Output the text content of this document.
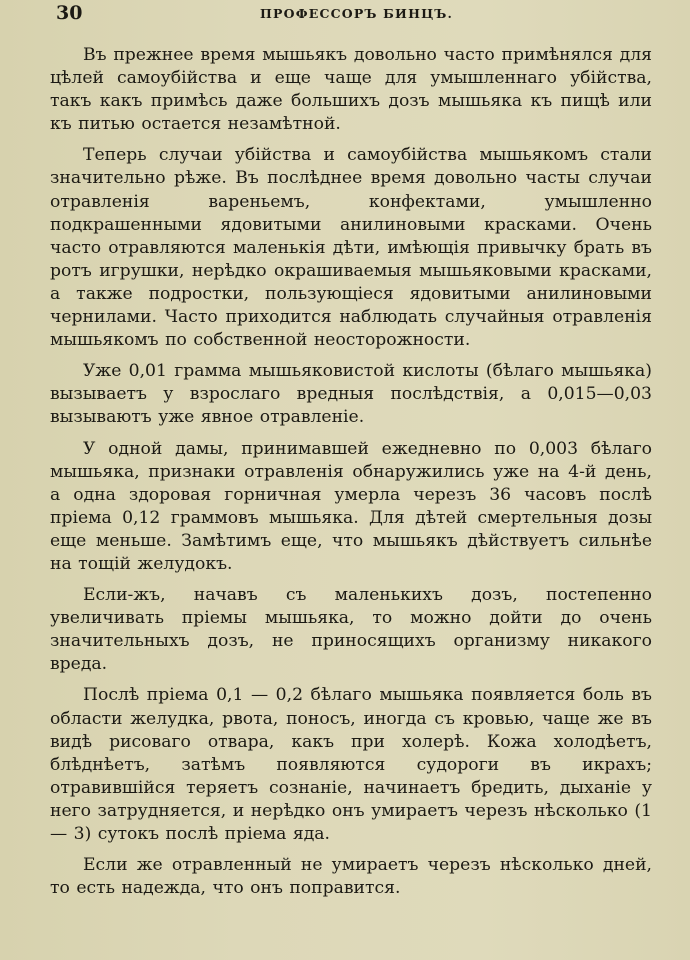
30	ПРОФЕССОРЪ БИНЦЪ.

Въ прежнее время мышьякъ довольно часто примѣнялся для цѣлей самоубійства и еще чаще для умышленнаго убійства, такъ какъ примѣсь даже большихъ дозъ мышьяка къ пищѣ или къ питью остается незамѣтной.

Теперь случаи убійства и самоубійства мышьякомъ стали значительно рѣже. Въ послѣднее время довольно часты случаи отравленія вареньемъ, конфектами, умышленно подкрашенными ядовитыми анилиновыми красками. Очень часто отравляются маленькія дѣти, имѣющія привычку брать въ ротъ игрушки, нерѣдко окрашиваемыя мышьяковыми красками, а также подростки, пользующіеся ядовитыми анилиновыми чернилами. Часто приходится наблюдать случайныя отравленія мышьякомъ по собственной неосторожности.

Уже 0,01 грамма мышьяковистой кислоты (бѣлаго мышьяка) вызываетъ у взрослаго вредныя послѣдствія, а 0,015—0,03 вызываютъ уже явное отравленіе.

У одной дамы, принимавшей ежедневно по 0,003 бѣлаго мышьяка, признаки отравленія обнаружились уже на 4-й день, а одна здоровая горничная умерла черезъ 36 часовъ послѣ пріема 0,12 граммовъ мышьяка. Для дѣтей смертельныя дозы еще меньше. Замѣтимъ еще, что мышьякъ дѣйствуетъ сильнѣе на тощій желудокъ.

Если-жъ, начавъ съ маленькихъ дозъ, постепенно увеличивать пріемы мышьяка, то можно дойти до очень значительныхъ дозъ, не приносящихъ организму никакого вреда.

Послѣ пріема 0,1 — 0,2 бѣлаго мышьяка появляется боль въ области желудка, рвота, поносъ, иногда съ кровью, чаще же въ видѣ рисоваго отвара, какъ при холерѣ. Кожа холодѣетъ, блѣднѣетъ, затѣмъ появляются судороги въ икрахъ; отравившійся теряетъ сознаніе, начинаетъ бредить, дыханіе у него затрудняется, и нерѣдко онъ умираетъ черезъ нѣсколько (1 — 3) сутокъ послѣ пріема яда.

Если же отравленный не умираетъ черезъ нѣсколько дней, то есть надежда, что онъ поправится.
